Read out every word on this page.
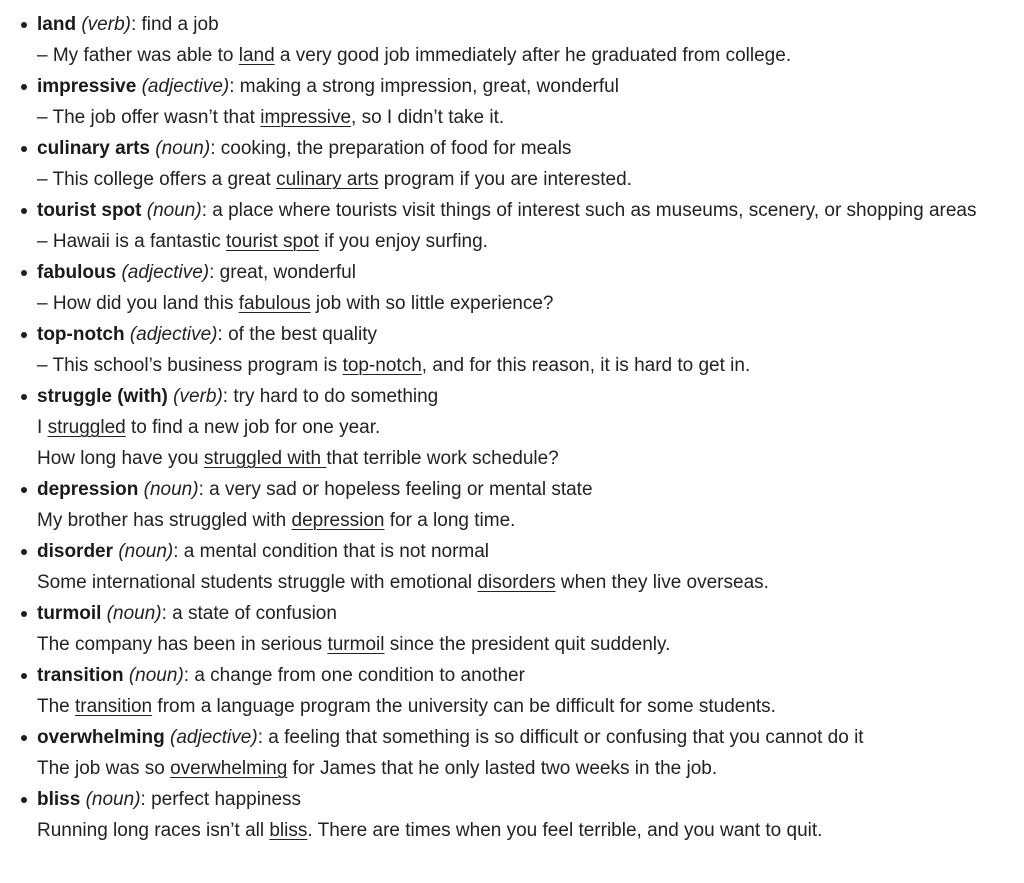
land (verb): find a job
– My father was able to land a very good job immediately after he graduated from college.
impressive (adjective): making a strong impression, great, wonderful
– The job offer wasn’t that impressive, so I didn’t take it.
culinary arts (noun): cooking, the preparation of food for meals
– This college offers a great culinary arts program if you are interested.
tourist spot (noun): a place where tourists visit things of interest such as museums, scenery, or shopping areas
– Hawaii is a fantastic tourist spot if you enjoy surfing.
fabulous (adjective): great, wonderful
– How did you land this fabulous job with so little experience?
top-notch (adjective): of the best quality
– This school’s business program is top-notch, and for this reason, it is hard to get in.
struggle (with) (verb): try hard to do something
I struggled to find a new job for one year.
How long have you struggled with that terrible work schedule?
depression (noun): a very sad or hopeless feeling or mental state
My brother has struggled with depression for a long time.
disorder (noun): a mental condition that is not normal
Some international students struggle with emotional disorders when they live overseas.
turmoil (noun): a state of confusion
The company has been in serious turmoil since the president quit suddenly.
transition (noun): a change from one condition to another
The transition from a language program the university can be difficult for some students.
overwhelming (adjective): a feeling that something is so difficult or confusing that you cannot do it
The job was so overwhelming for James that he only lasted two weeks in the job.
bliss (noun): perfect happiness
Running long races isn’t all bliss. There are times when you feel terrible, and you want to quit.
